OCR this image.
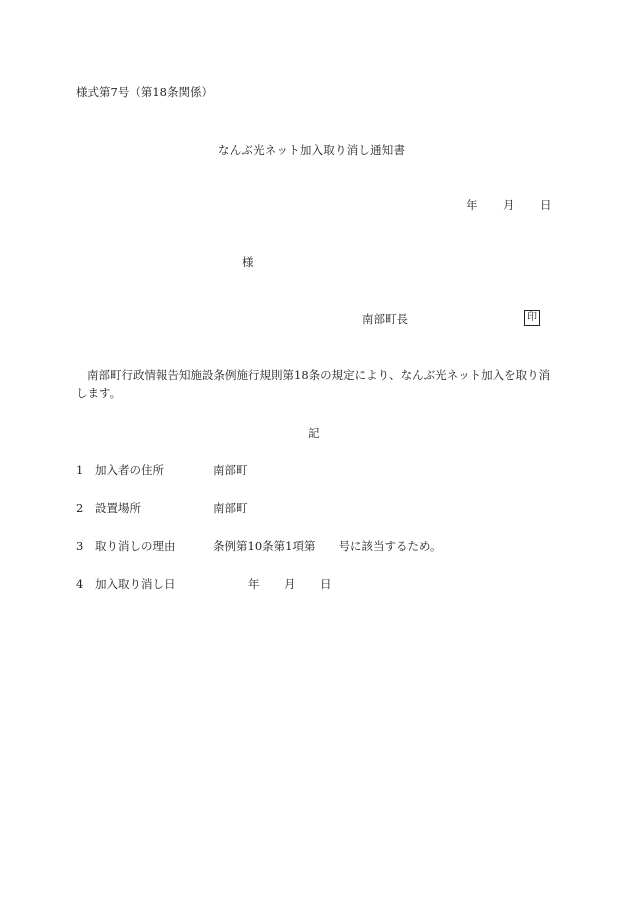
様式第7号（第18条関係）
なんぶ光ネット加入取り消し通知書
年 月 日
様
南部町長	印
南部町行政情報告知施設条例施行規則第18条の規定により、なんぶ光ネット加入を取り消します。
記
1 加入者の住所	南部町
2 設置場所	南部町
3 取り消しの理由	条例第10条第1項第　　号に該当するため。
4 加入取り消し日	年 月 日
